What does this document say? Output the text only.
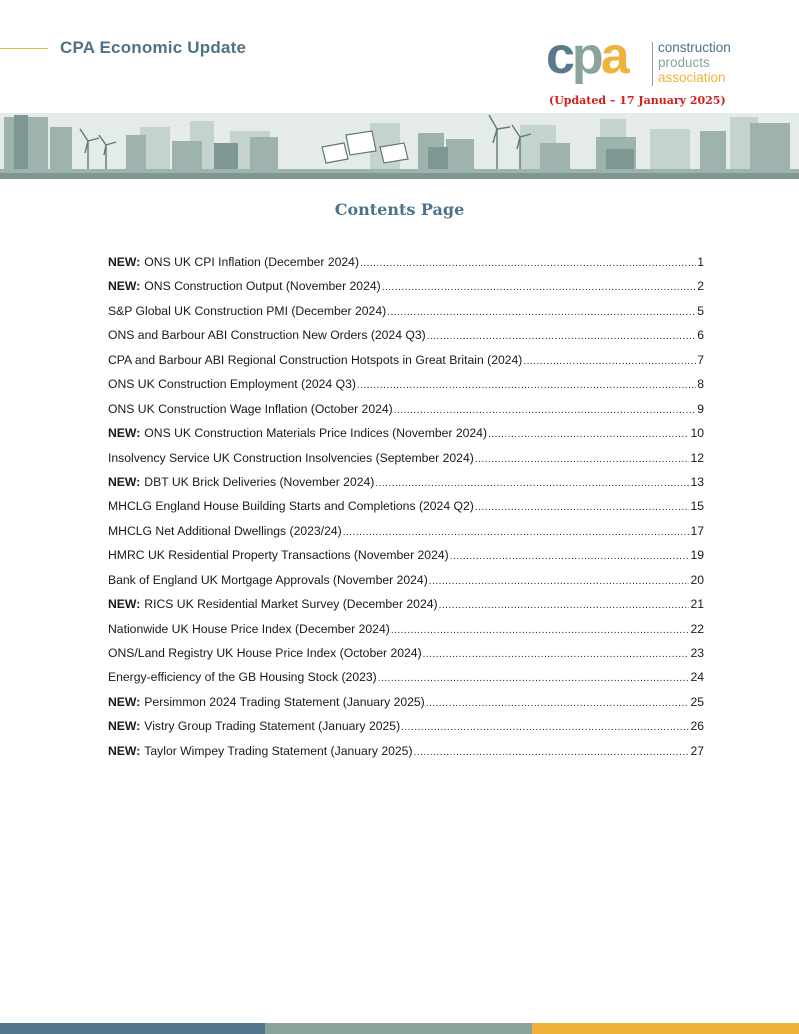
CPA Economic Update	cpa construction
products
association
(Updated – 17 January 2025)
Contents Page
NEW: ONS UK CPI Inflation (December 2024) .....	1
NEW: ONS Construction Output (November 2024) .....	2
S&P Global UK Construction PMI (December 2024) .....	5
ONS and Barbour ABI Construction New Orders (2024 Q3) .....	6
CPA and Barbour ABI Regional Construction Hotspots in Great Britain (2024) .....	7
ONS UK Construction Employment (2024 Q3) .....	8
ONS UK Construction Wage Inflation (October 2024) .....	9
NEW: ONS UK Construction Materials Price Indices (November 2024) .....	10
Insolvency Service UK Construction Insolvencies (September 2024) .....	12
NEW: DBT UK Brick Deliveries (November 2024) .....	13
MHCLG England House Building Starts and Completions (2024 Q2) .....	15
MHCLG Net Additional Dwellings (2023/24) .....	17
HMRC UK Residential Property Transactions (November 2024) .....	19
Bank of England UK Mortgage Approvals (November 2024) .....	20
NEW: RICS UK Residential Market Survey (December 2024) .....	21
Nationwide UK House Price Index (December 2024) .....	22
ONS/Land Registry UK House Price Index (October 2024) .....	23
Energy-efficiency of the GB Housing Stock (2023) .....	24
NEW: Persimmon 2024 Trading Statement (January 2025) .....	25
NEW: Vistry Group Trading Statement (January 2025) .....	26
NEW: Taylor Wimpey Trading Statement (January 2025) .....	27
